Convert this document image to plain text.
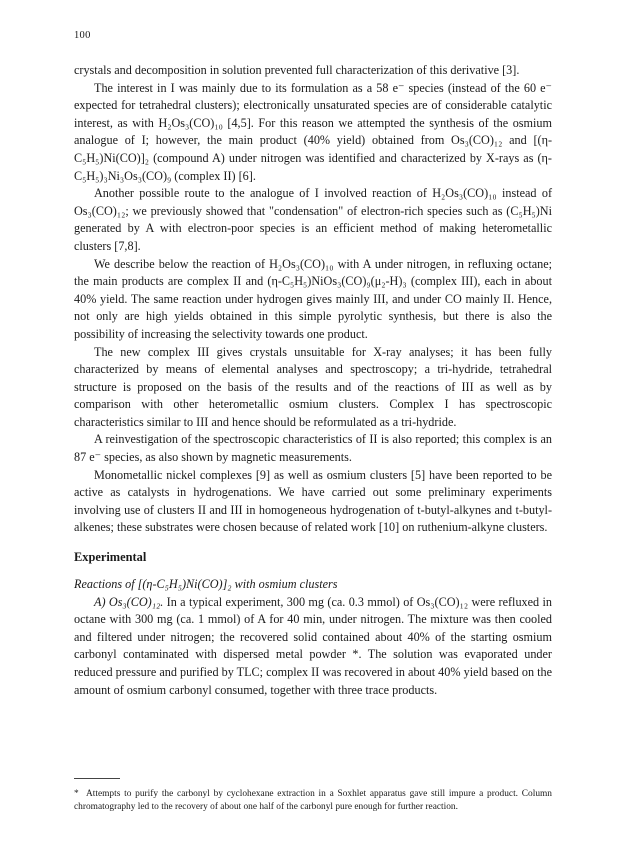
100

crystals and decomposition in solution prevented full characterization of this derivative [3].

The interest in I was mainly due to its formulation as a 58 e⁻ species (instead of the 60 e⁻ expected for tetrahedral clusters); electronically unsaturated species are of considerable catalytic interest, as with H₂Os₃(CO)₁₀ [4,5]. For this reason we attempted the synthesis of the osmium analogue of I; however, the main product (40% yield) obtained from Os₃(CO)₁₂ and [(η-C₅H₅)Ni(CO)]₂ (compound A) under nitrogen was identified and characterized by X-rays as (η-C₅H₅)₃Ni₃Os₃(CO)₉ (complex II) [6].

Another possible route to the analogue of I involved reaction of H₂Os₃(CO)₁₀ instead of Os₃(CO)₁₂; we previously showed that "condensation" of electron-rich species such as (C₅H₅)Ni generated by A with electron-poor species is an efficient method of making heterometallic clusters [7,8].

We describe below the reaction of H₂Os₃(CO)₁₀ with A under nitrogen, in refluxing octane; the main products are complex II and (η-C₅H₅)NiOs₃(CO)₉(μ₂-H)₃ (complex III), each in about 40% yield. The same reaction under hydrogen gives mainly III, and under CO mainly II. Hence, not only are high yields obtained in this simple pyrolytic synthesis, but there is also the possibility of increasing the selectivity towards one product.

The new complex III gives crystals unsuitable for X-ray analyses; it has been fully characterized by means of elemental analyses and spectroscopy; a tri-hydride, tetrahedral structure is proposed on the basis of the results and of the reactions of III as well as by comparison with other heterometallic osmium clusters. Complex I has spectroscopic characteristics similar to III and hence should be reformulated as a tri-hydride.

A reinvestigation of the spectroscopic characteristics of II is also reported; this complex is an 87 e⁻ species, as also shown by magnetic measurements.

Monometallic nickel complexes [9] as well as osmium clusters [5] have been reported to be active as catalysts in hydrogenations. We have carried out some preliminary experiments involving use of clusters II and III in homogeneous hydrogenation of t-butyl-alkynes and t-butyl-alkenes; these substrates were chosen because of related work [10] on ruthenium-alkyne clusters.

Experimental

Reactions of [(η-C₅H₅)Ni(CO)]₂ with osmium clusters

A) Os₃(CO)₁₂. In a typical experiment, 300 mg (ca. 0.3 mmol) of Os₃(CO)₁₂ were refluxed in octane with 300 mg (ca. 1 mmol) of A for 40 min, under nitrogen. The mixture was then cooled and filtered under nitrogen; the recovered solid contained about 40% of the starting osmium carbonyl contaminated with dispersed metal powder *. The solution was evaporated under reduced pressure and purified by TLC; complex II was recovered in about 40% yield based on the amount of osmium carbonyl consumed, together with three trace products.

* Attempts to purify the carbonyl by cyclohexane extraction in a Soxhlet apparatus gave still impure a product. Column chromatography led to the recovery of about one half of the carbonyl pure enough for further reaction.
